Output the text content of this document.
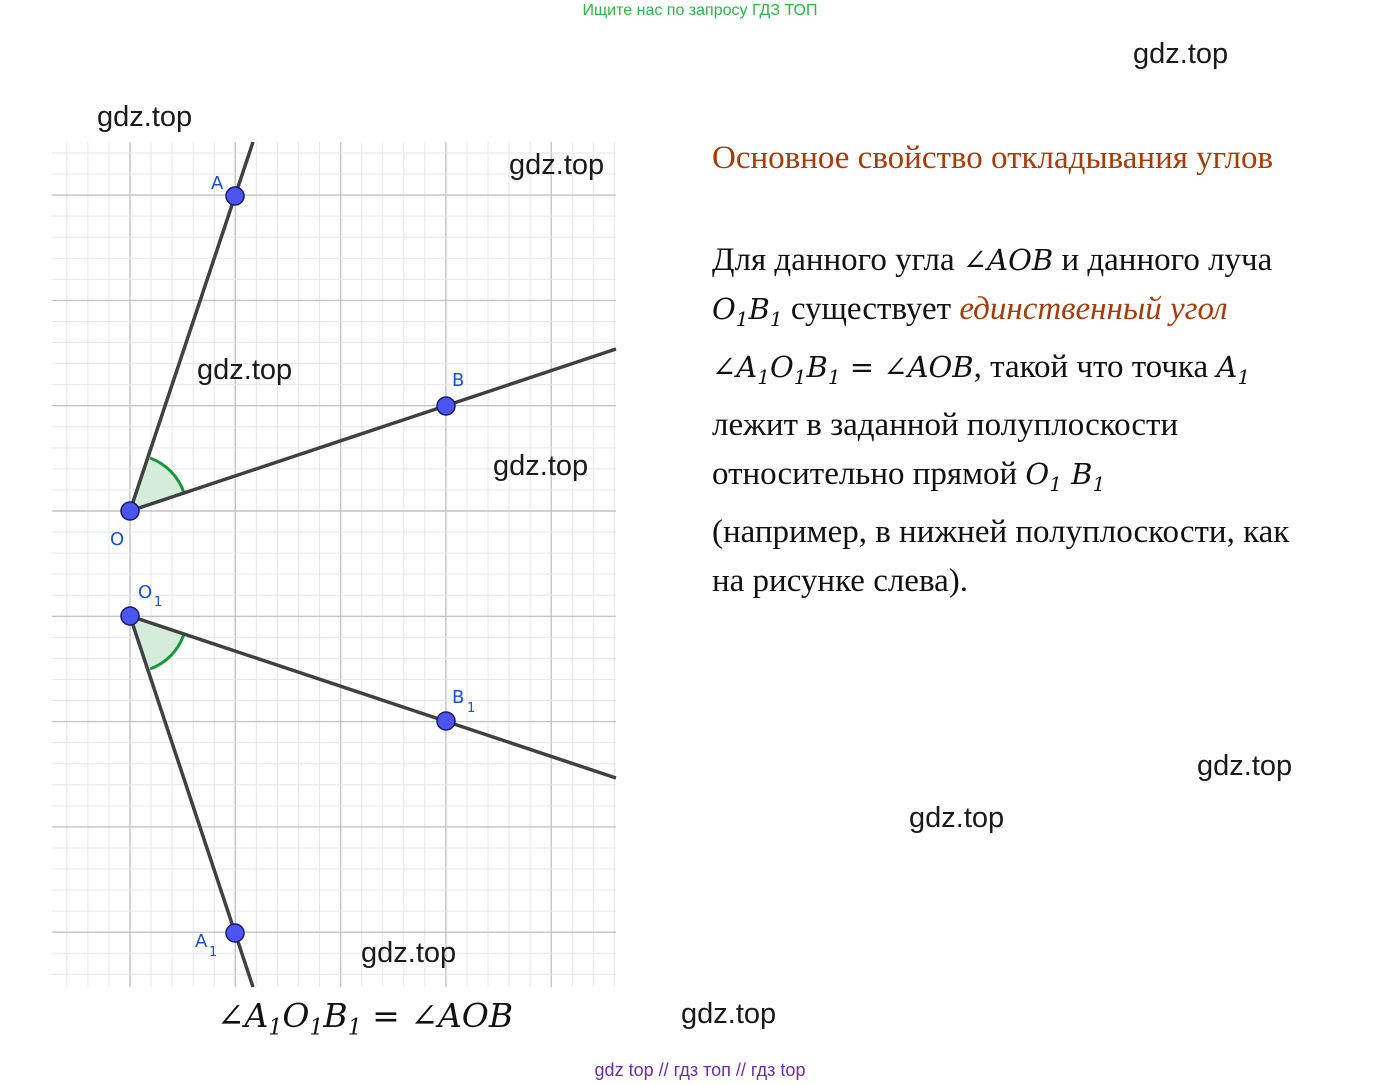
Ищите нас по запросу ГДЗ ТОП
A
B
O
O 1
B
1
A
1
$\angle A_1O_1B_1$ = ∠AOB
Основное свойство откладывания углов
Для данного угла ∠AOB и данного луча
$O_1B_1$ существует единственный угол
$\angle A_1O_1B_1$ = ∠AOB, такой что точка $A_1$
лежит в заданной полуплоскости
относительно прямой $O_1$ $B_1$
(например, в нижней полуплоскости, как
на рисунке слева).
gdz.top
gdz.top
gdz.top
gdz.top
gdz.top
gdz.top
gdz.top
gdz.top
gdz.top
gdz top // гдз топ // гдз top
